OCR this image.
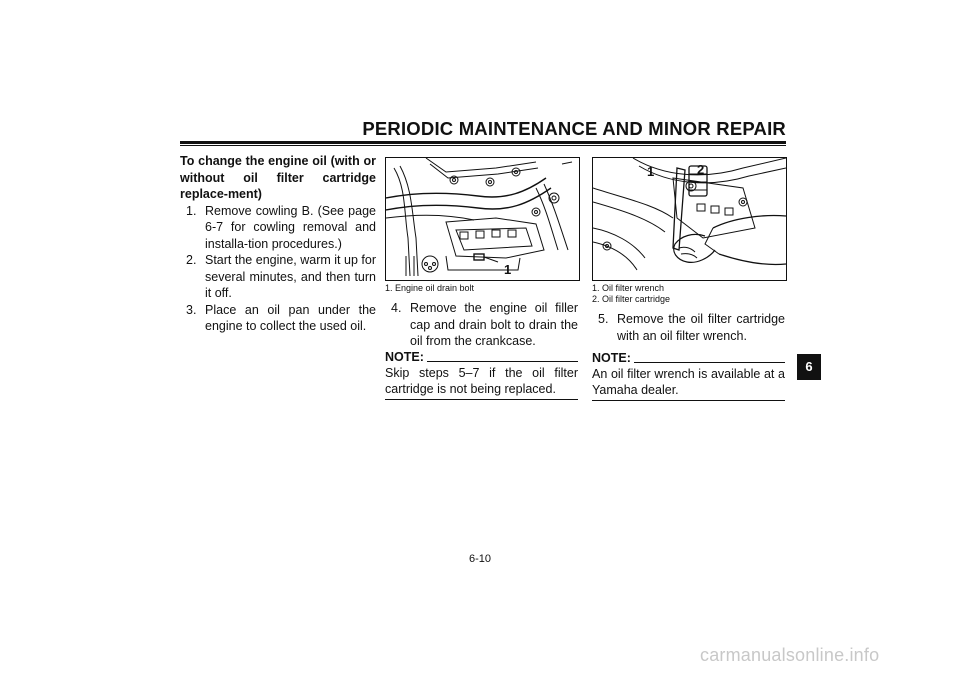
PERIODIC MAINTENANCE AND MINOR REPAIR
To change the engine oil (with or without oil filter cartridge replace-ment)
1. Remove cowling B. (See page 6-7 for cowling removal and installa-tion procedures.)
2. Start the engine, warm it up for several minutes, and then turn it off.
3. Place an oil pan under the engine to collect the used oil.
1
1. Engine oil drain bolt
4. Remove the engine oil filler cap and drain bolt to drain the oil from the crankcase.
NOTE:
Skip steps 5–7 if the oil filter cartridge is not being replaced.
1	2
1. Oil filter wrench
2. Oil filter cartridge
5. Remove the oil filter cartridge with an oil filter wrench.
NOTE:
An oil filter wrench is available at a Yamaha dealer.
6
6-10
carmanualsonline.info
